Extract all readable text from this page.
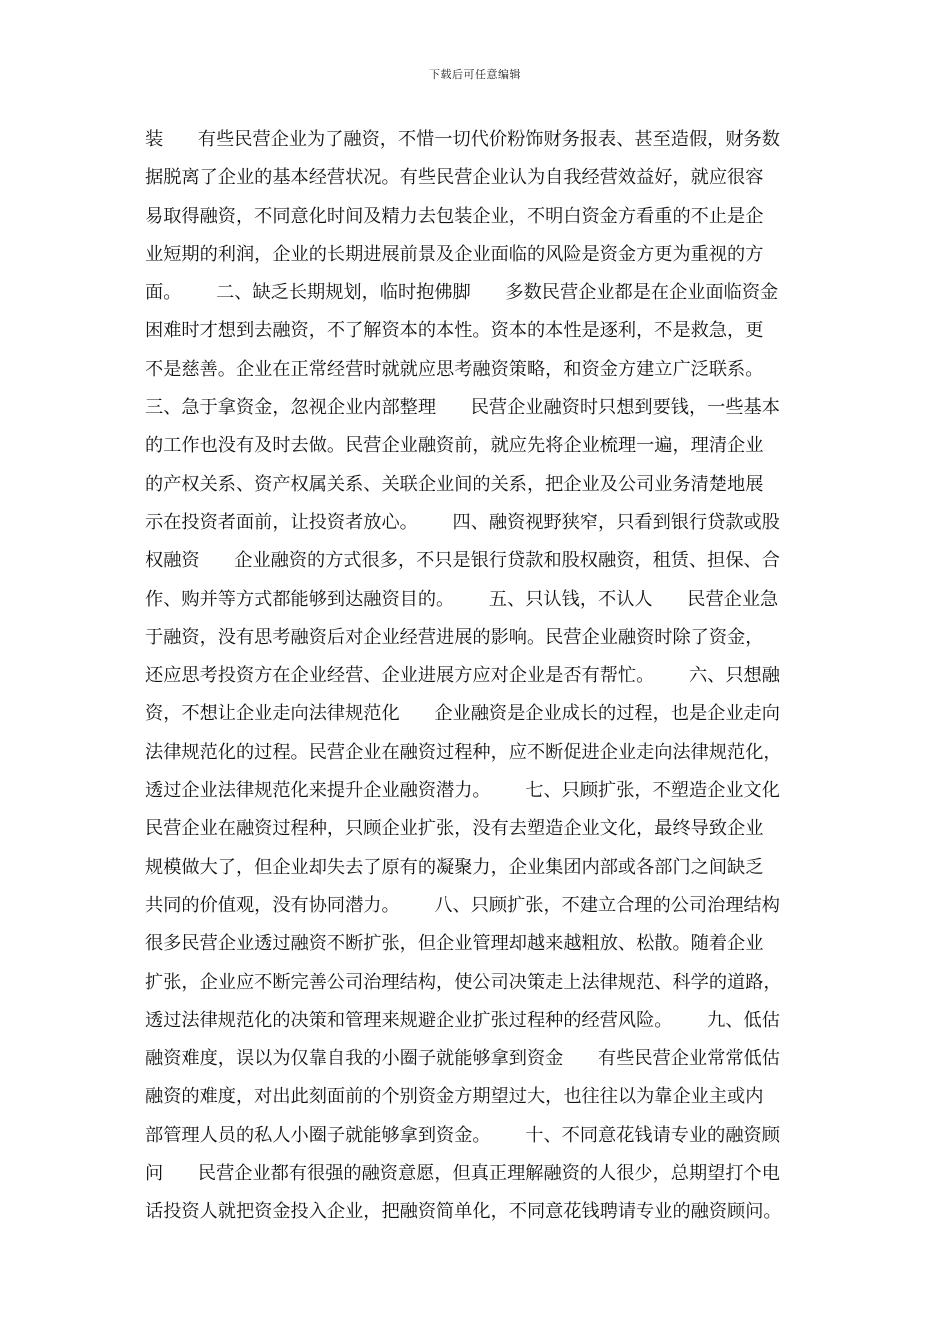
下载后可任意编辑
装      有些民营企业为了融资，不惜一切代价粉饰财务报表、甚至造假，财务数
据脱离了企业的基本经营状况。有些民营企业认为自我经营效益好，就应很容
易取得融资，不同意化时间及精力去包装企业，不明白资金方看重的不止是企
业短期的利润，企业的长期进展前景及企业面临的风险是资金方更为重视的方
面。      二、缺乏长期规划，临时抱佛脚      多数民营企业都是在企业面临资金
困难时才想到去融资，不了解资本的本性。资本的本性是逐利，不是救急，更
不是慈善。企业在正常经营时就就应思考融资策略，和资金方建立广泛联系。
三、急于拿资金，忽视企业内部整理      民营企业融资时只想到要钱，一些基本
的工作也没有及时去做。民营企业融资前，就应先将企业梳理一遍，理清企业
的产权关系、资产权属关系、关联企业间的关系，把企业及公司业务清楚地展
示在投资者面前，让投资者放心。      四、融资视野狭窄，只看到银行贷款或股
权融资      企业融资的方式很多，不只是银行贷款和股权融资，租赁、担保、合
作、购并等方式都能够到达融资目的。      五、只认钱，不认人      民营企业急
于融资，没有思考融资后对企业经营进展的影响。民营企业融资时除了资金，
还应思考投资方在企业经营、企业进展方应对企业是否有帮忙。      六、只想融
资，不想让企业走向法律规范化      企业融资是企业成长的过程，也是企业走向
法律规范化的过程。民营企业在融资过程种，应不断促进企业走向法律规范化，
透过企业法律规范化来提升企业融资潜力。      七、只顾扩张，不塑造企业文化
民营企业在融资过程种，只顾企业扩张，没有去塑造企业文化，最终导致企业
规模做大了，但企业却失去了原有的凝聚力，企业集团内部或各部门之间缺乏
共同的价值观，没有协同潜力。      八、只顾扩张，不建立合理的公司治理结构
很多民营企业透过融资不断扩张，但企业管理却越来越粗放、松散。随着企业
扩张，企业应不断完善公司治理结构，使公司决策走上法律规范、科学的道路，
透过法律规范化的决策和管理来规避企业扩张过程种的经营风险。      九、低估
融资难度，误以为仅靠自我的小圈子就能够拿到资金      有些民营企业常常低估
融资的难度，对出此刻面前的个别资金方期望过大，也往往以为靠企业主或内
部管理人员的私人小圈子就能够拿到资金。      十、不同意花钱请专业的融资顾
问      民营企业都有很强的融资意愿，但真正理解融资的人很少，总期望打个电
话投资人就把资金投入企业，把融资简单化，不同意花钱聘请专业的融资顾问。
